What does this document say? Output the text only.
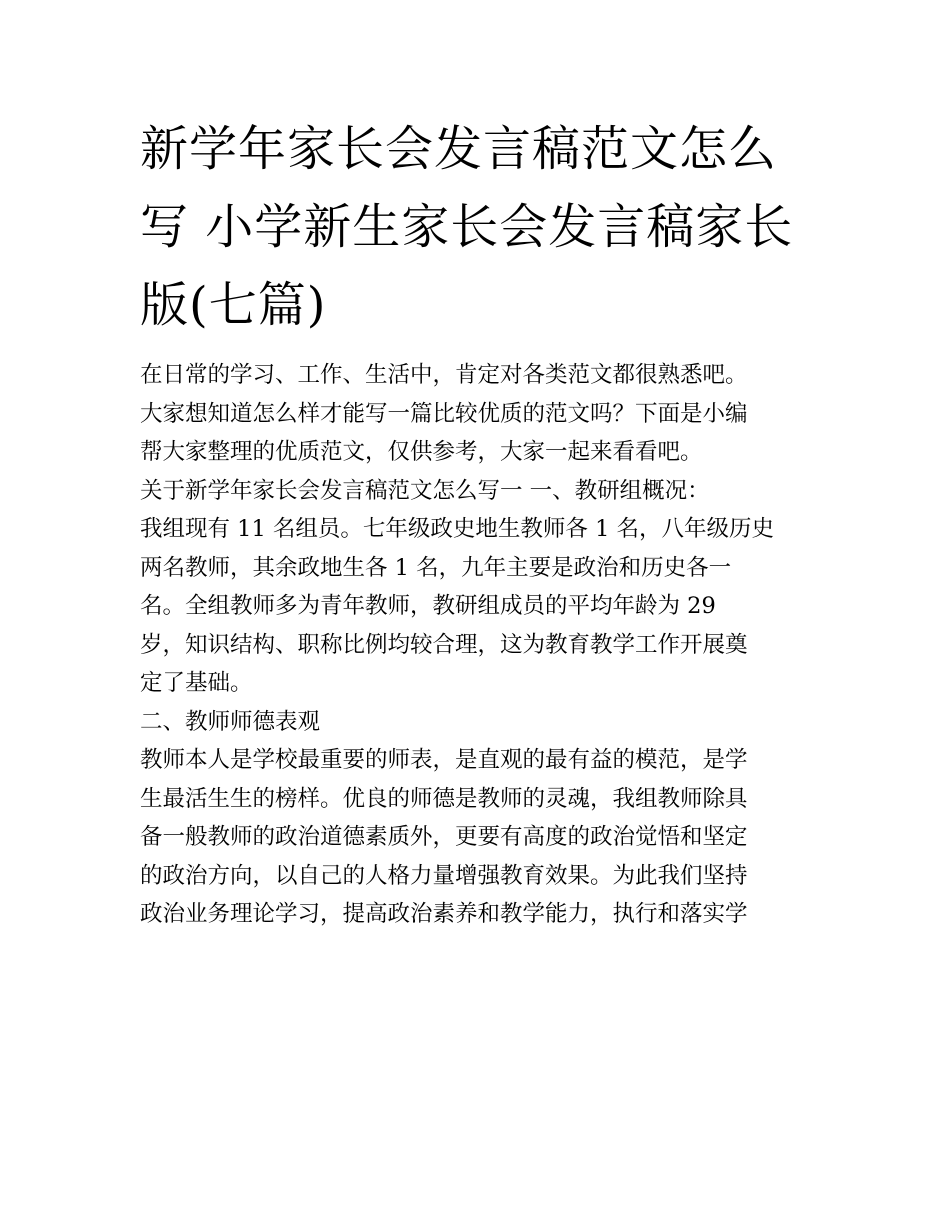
新学年家长会发言稿范文怎么
写 小学新生家长会发言稿家长
版(七篇)
在日常的学习、工作、生活中，肯定对各类范文都很熟悉吧。
大家想知道怎么样才能写一篇比较优质的范文吗？下面是小编
帮大家整理的优质范文，仅供参考，大家一起来看看吧。
关于新学年家长会发言稿范文怎么写一 一、教研组概况：
我组现有 11 名组员。七年级政史地生教师各 1 名，八年级历史
两名教师，其余政地生各 1 名，九年主要是政治和历史各一
名。全组教师多为青年教师，教研组成员的平均年龄为 29
岁，知识结构、职称比例均较合理，这为教育教学工作开展奠
定了基础。
二、教师师德表观
教师本人是学校最重要的师表，是直观的最有益的模范，是学
生最活生生的榜样。优良的师德是教师的灵魂，我组教师除具
备一般教师的政治道德素质外，更要有高度的政治觉悟和坚定
的政治方向，以自己的人格力量增强教育效果。为此我们坚持
政治业务理论学习，提高政治素养和教学能力，执行和落实学
